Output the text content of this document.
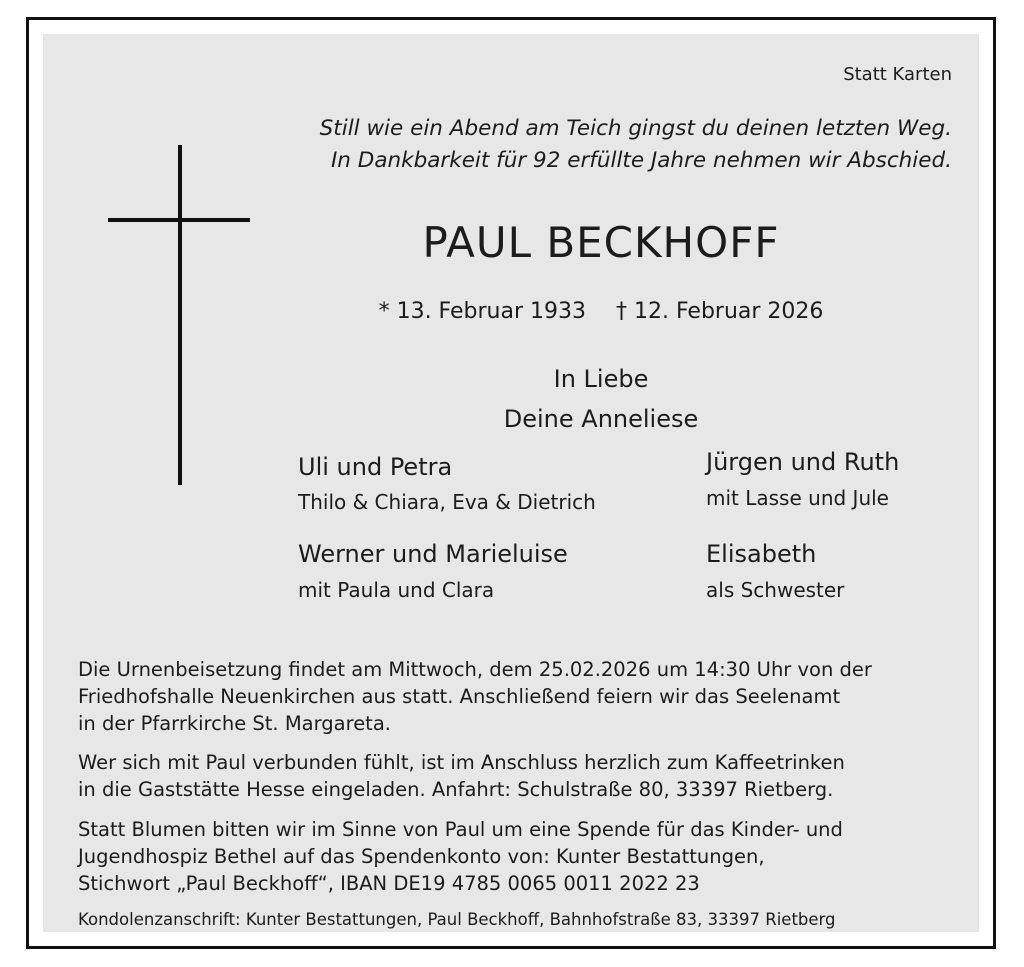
Statt Karten

Still wie ein Abend am Teich gingst du deinen letzten Weg.

In Dankbarkeit für 92 erfüllte Jahre nehmen wir Abschied.

PAUL BECKHOFF

* 13. Februar 1933 † 12. Februar 2026

In Liebe

Deine Anneliese

Uli und Petra

Thilo & Chiara, Eva & Dietrich

Jürgen und Ruth

mit Lasse und Jule

Werner und Marieluise

mit Paula und Clara

Elisabeth

als Schwester

Die Urnenbeisetzung findet am Mittwoch, dem 25.02.2026 um 14:30 Uhr von der
Friedhofshalle Neuenkirchen aus statt. Anschließend feiern wir das Seelenamt
in der Pfarrkirche St. Margareta.

Wer sich mit Paul verbunden fühlt, ist im Anschluss herzlich zum Kaffeetrinken
in die Gaststätte Hesse eingeladen. Anfahrt: Schulstraße 80, 33397 Rietberg.

Statt Blumen bitten wir im Sinne von Paul um eine Spende für das Kinder- und
Jugendhospiz Bethel auf das Spendenkonto von: Kunter Bestattungen,
Stichwort „Paul Beckhoff“, IBAN DE19 4785 0065 0011 2022 23

Kondolenzanschrift: Kunter Bestattungen, Paul Beckhoff, Bahnhofstraße 83, 33397 Rietberg
